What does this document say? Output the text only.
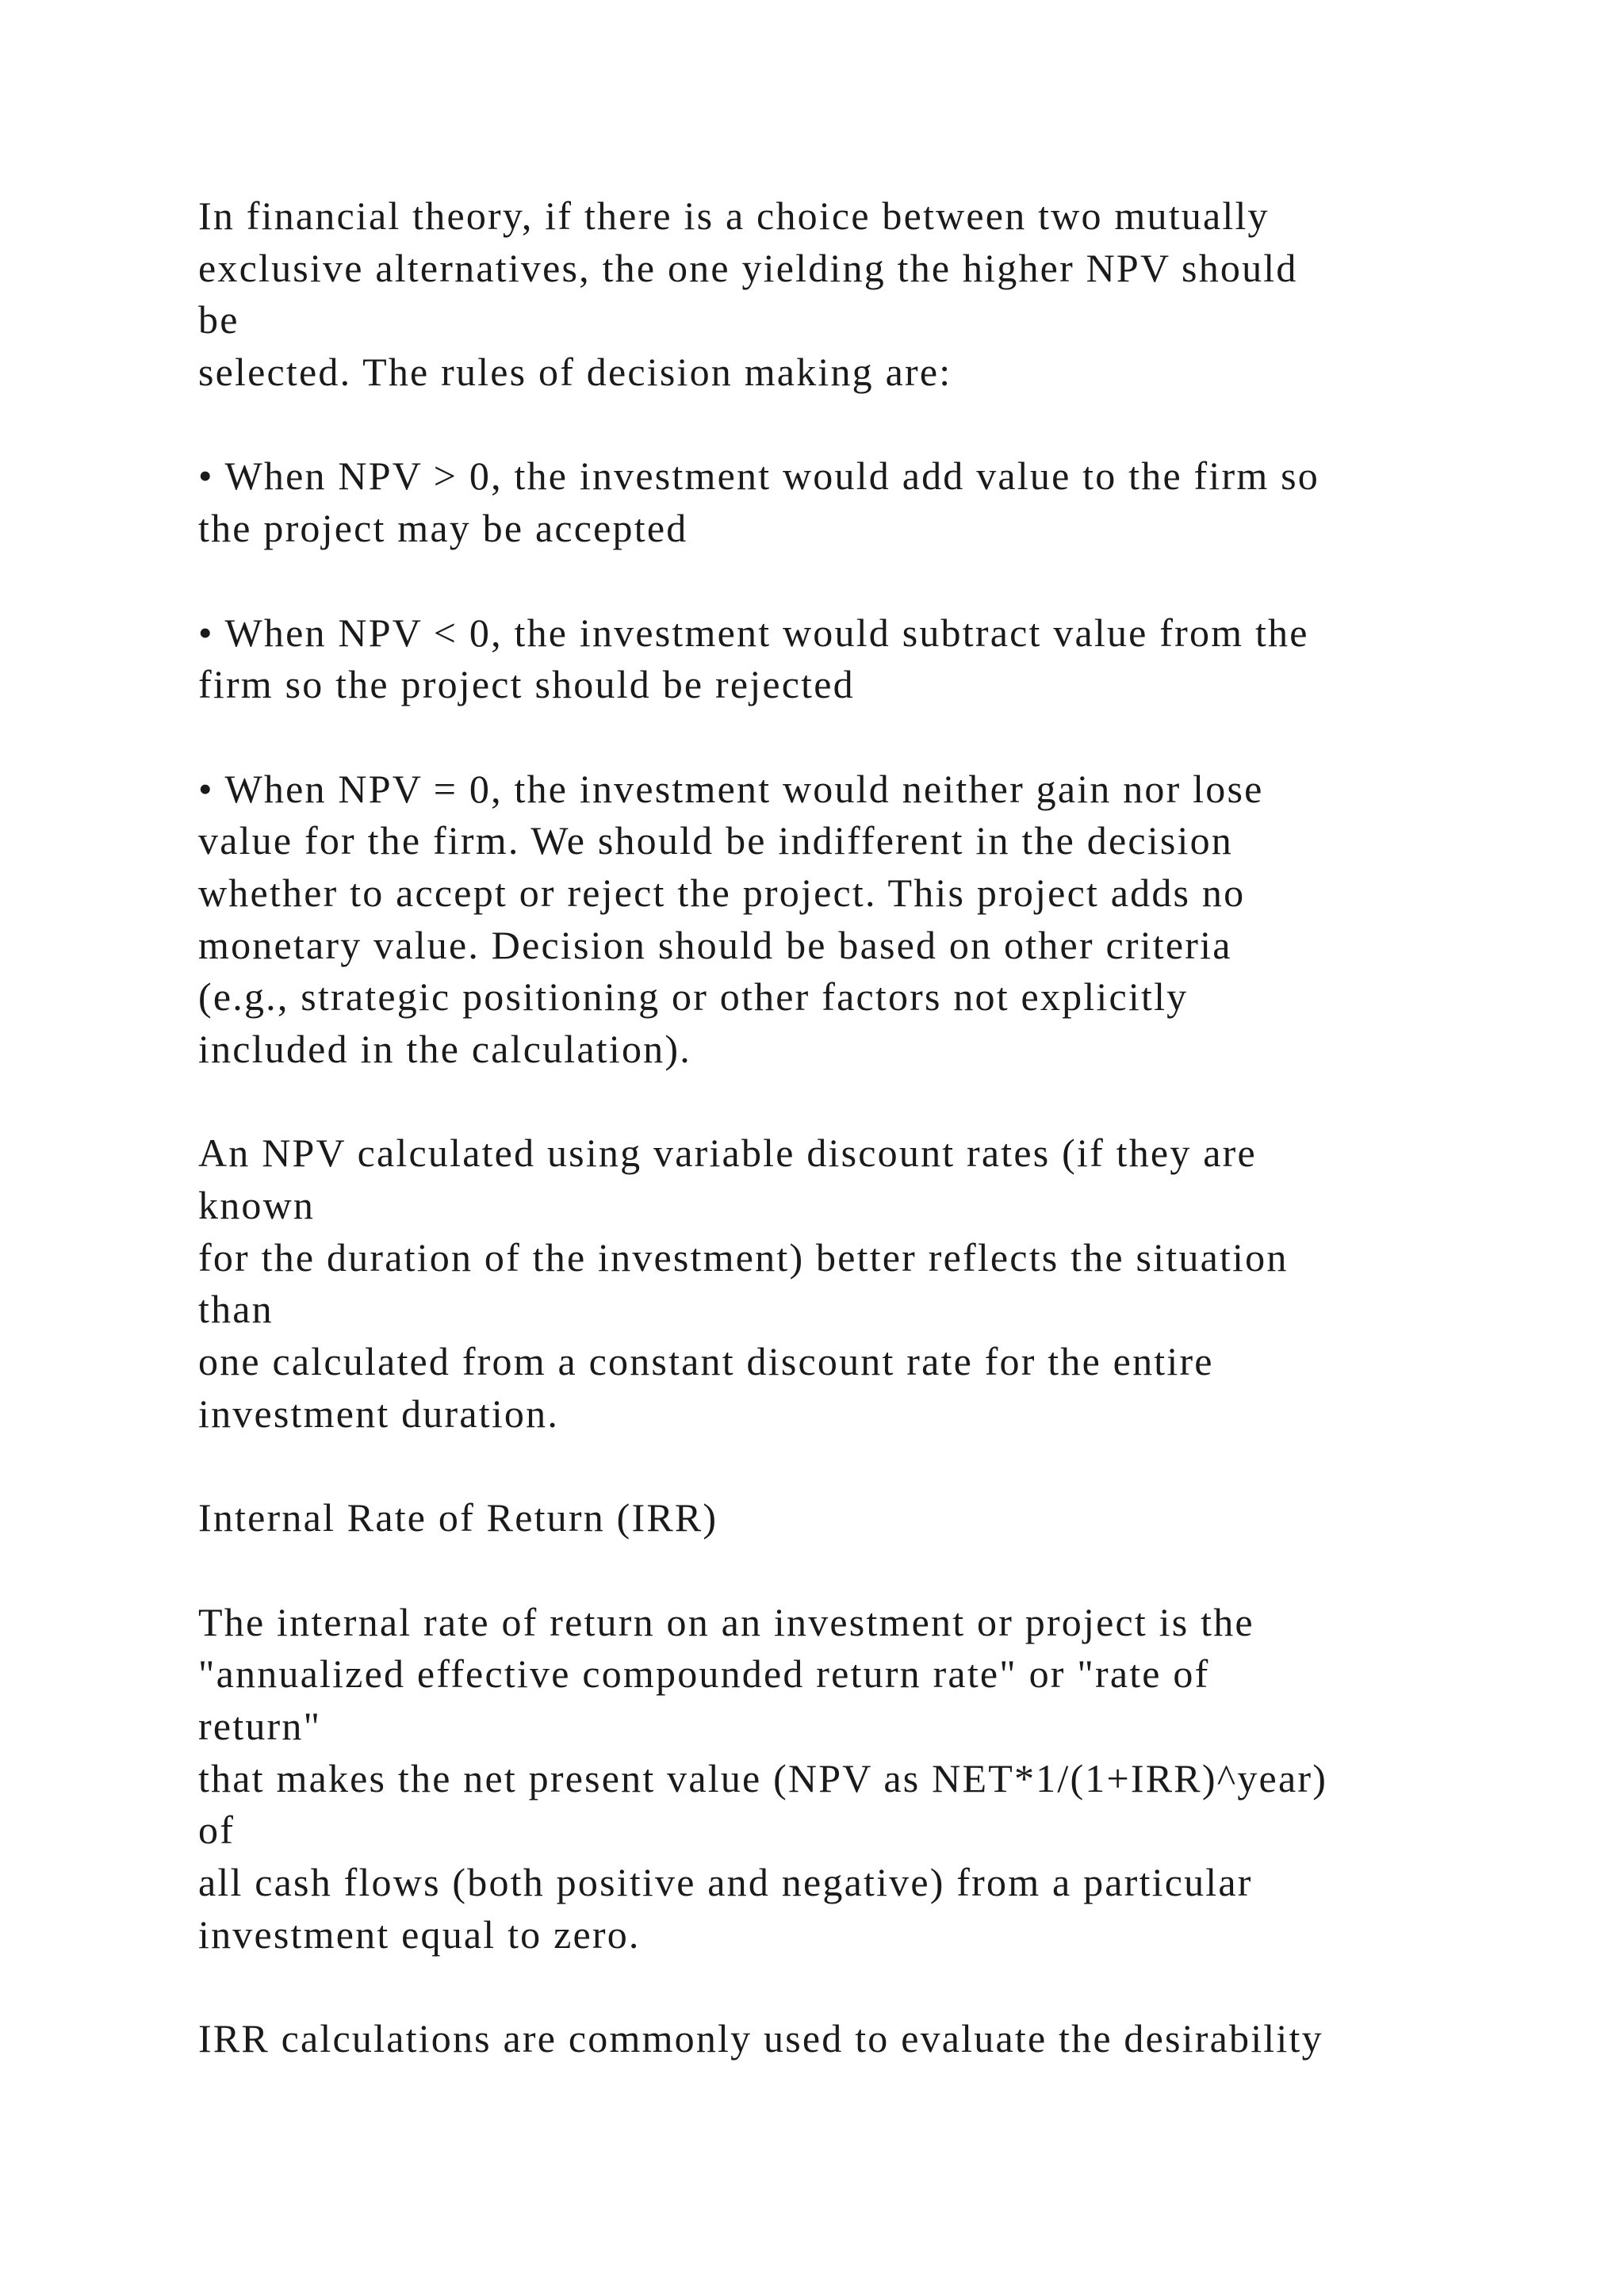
In financial theory, if there is a choice between two mutually
exclusive alternatives, the one yielding the higher NPV should
be
selected. The rules of decision making are:
• When NPV > 0, the investment would add value to the firm so
the project may be accepted
• When NPV < 0, the investment would subtract value from the
firm so the project should be rejected
• When NPV = 0, the investment would neither gain nor lose
value for the firm. We should be indifferent in the decision
whether to accept or reject the project. This project adds no
monetary value. Decision should be based on other criteria
(e.g., strategic positioning or other factors not explicitly
included in the calculation).
An NPV calculated using variable discount rates (if they are
known
for the duration of the investment) better reflects the situation
than
one calculated from a constant discount rate for the entire
investment duration.
Internal Rate of Return (IRR)
The internal rate of return on an investment or project is the
"annualized effective compounded return rate" or "rate of
return"
that makes the net present value (NPV as NET*1/(1+IRR)^year)
of
all cash flows (both positive and negative) from a particular
investment equal to zero.
IRR calculations are commonly used to evaluate the desirability
